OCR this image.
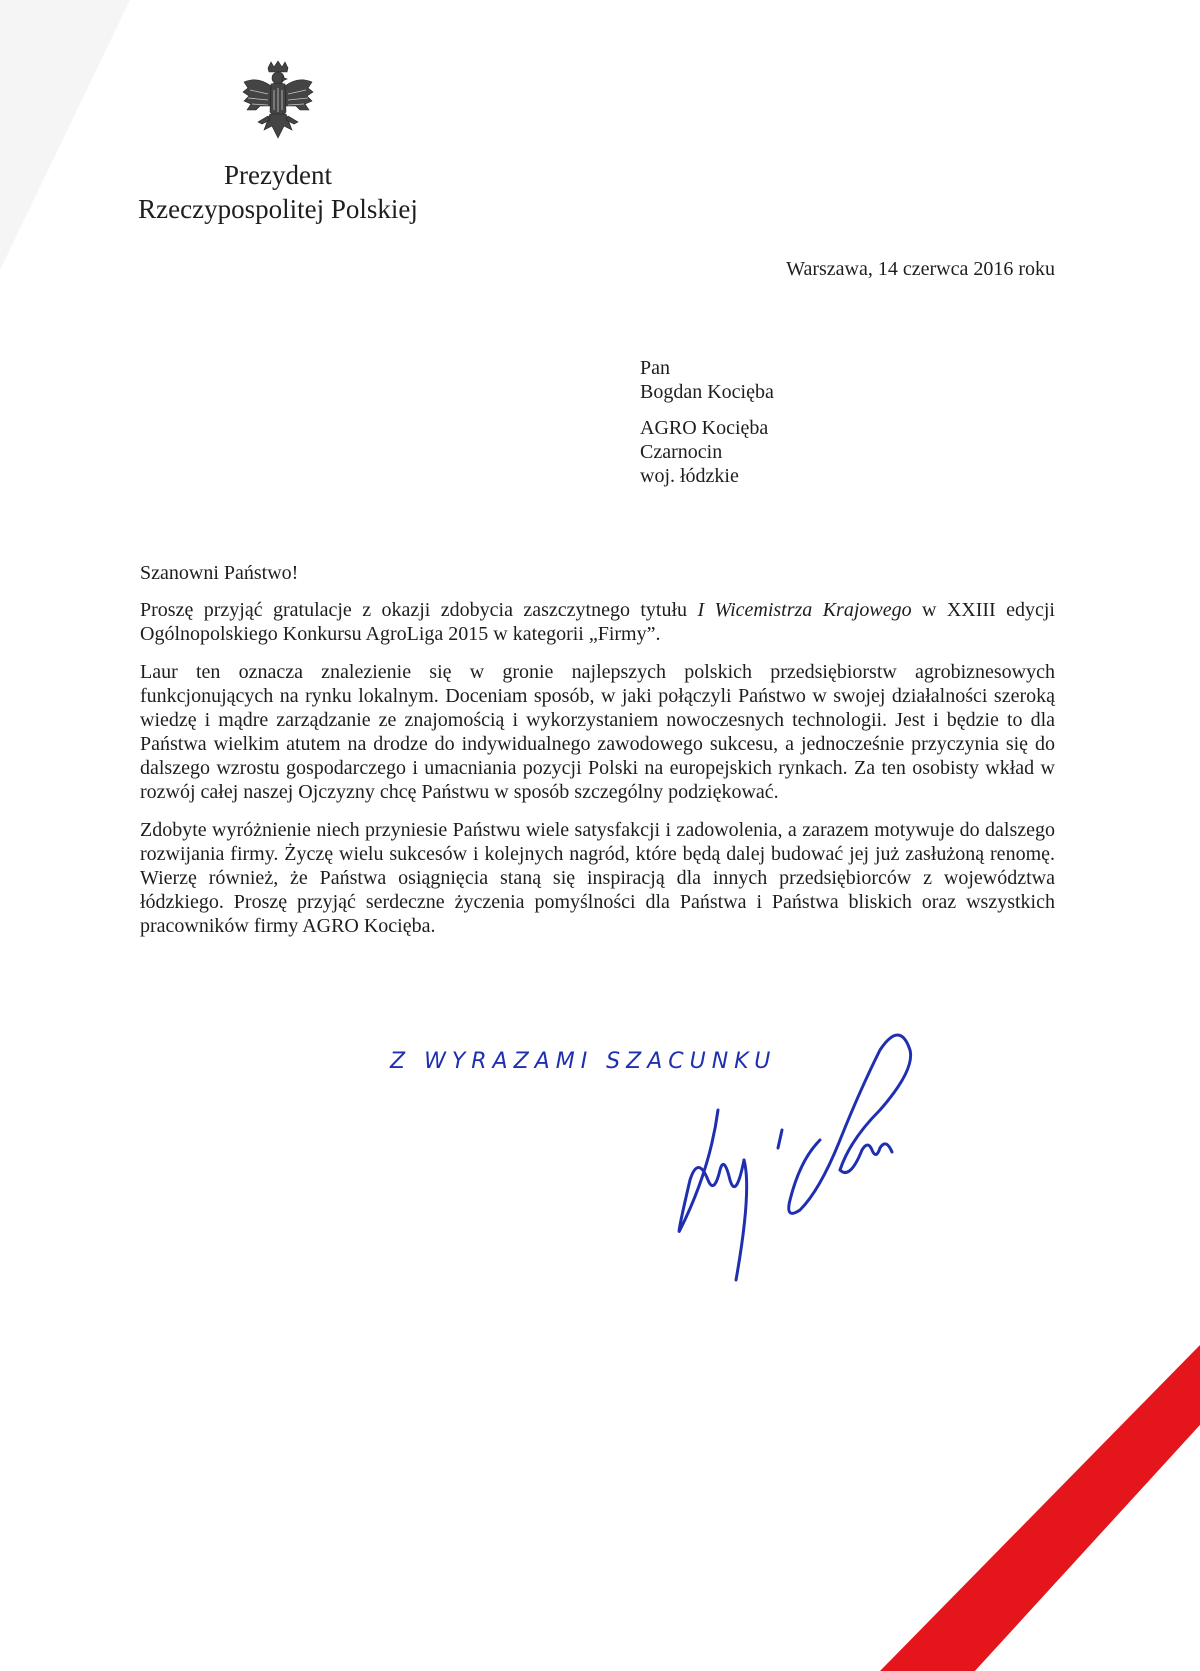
Prezydent
Rzeczypospolitej Polskiej
Warszawa, 14 czerwca 2016 roku
Pan
Bogdan Kocięba
AGRO Kocięba
Czarnocin
woj. łódzkie
Szanowni Państwo!

Proszę przyjąć gratulacje z okazji zdobycia zaszczytnego tytułu I Wicemistrza Krajowego w XXIII edycji Ogólnopolskiego Konkursu AgroLiga 2015 w kategorii „Firmy”.

Laur ten oznacza znalezienie się w gronie najlepszych polskich przedsiębiorstw agrobiznesowych funkcjonujących na rynku lokalnym. Doceniam sposób, w jaki połączyli Państwo w swojej działalności szeroką wiedzę i mądre zarządzanie ze znajomością i wykorzystaniem nowoczesnych technologii. Jest i będzie to dla Państwa wielkim atutem na drodze do indywidualnego zawodowego sukcesu, a jednocześnie przyczynia się do dalszego wzrostu gospodarczego i umacniania pozycji Polski na europejskich rynkach. Za ten osobisty wkład w rozwój całej naszej Ojczyzny chcę Państwu w sposób szczególny podziękować.

Zdobyte wyróżnienie niech przyniesie Państwu wiele satysfakcji i zadowolenia, a zarazem motywuje do dalszego rozwijania firmy. Życzę wielu sukcesów i kolejnych nagród, które będą dalej budować jej już zasłużoną renomę. Wierzę również, że Państwa osiągnięcia staną się inspiracją dla innych przedsiębiorców z województwa łódzkiego. Proszę przyjąć serdeczne życzenia pomyślności dla Państwa i Państwa bliskich oraz wszystkich pracowników firmy AGRO Kocięba.

Z WYRAZAMI SZACUNKU
